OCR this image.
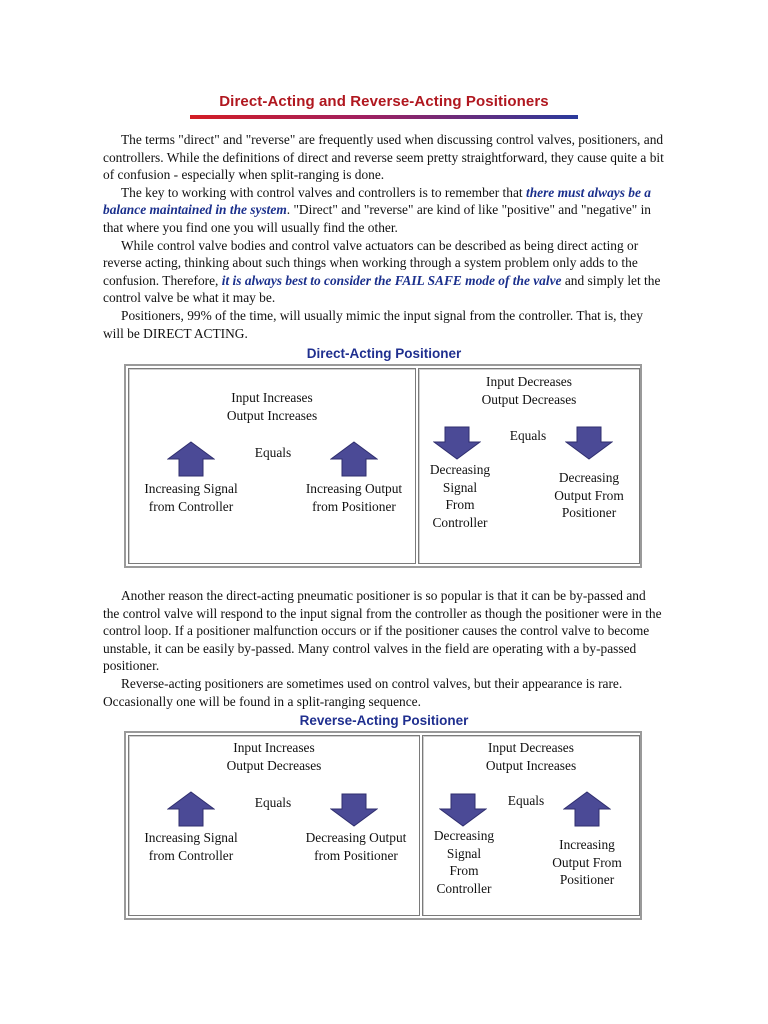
Direct-Acting and Reverse-Acting Positioners

The terms "direct" and "reverse" are frequently used when discussing control valves, positioners, and controllers. While the definitions of direct and reverse seem pretty straightforward, they cause quite a bit of confusion - especially when split-ranging is done.

The key to working with control valves and controllers is to remember that there must always be a balance maintained in the system. "Direct" and "reverse" are kind of like "positive" and "negative" in that where you find one you will usually find the other.

While control valve bodies and control valve actuators can be described as being direct acting or reverse acting, thinking about such things when working through a system problem only adds to the confusion. Therefore, it is always best to consider the FAIL SAFE mode of the valve and simply let the control valve be what it may be.

Positioners, 99% of the time, will usually mimic the input signal from the controller. That is, they will be DIRECT ACTING.

Direct-Acting Positioner
Input Increases
Output Increases
Equals
Increasing Signal
from Controller
Increasing Output
from Positioner
Input Decreases
Output Decreases
Equals
Decreasing
Signal
From
Controller
Decreasing
Output From
Positioner

Another reason the direct-acting pneumatic positioner is so popular is that it can be by-passed and the control valve will respond to the input signal from the controller as though the positioner were in the control loop. If a positioner malfunction occurs or if the positioner causes the control valve to become unstable, it can be easily by-passed. Many control valves in the field are operating with a by-passed positioner.

Reverse-acting positioners are sometimes used on control valves, but their appearance is rare. Occasionally one will be found in a split-ranging sequence.

Reverse-Acting Positioner
Input Increases
Output Decreases
Equals
Increasing Signal
from Controller
Decreasing Output
from Positioner
Input Decreases
Output Increases
Equals
Decreasing
Signal
From
Controller
Increasing
Output From
Positioner
